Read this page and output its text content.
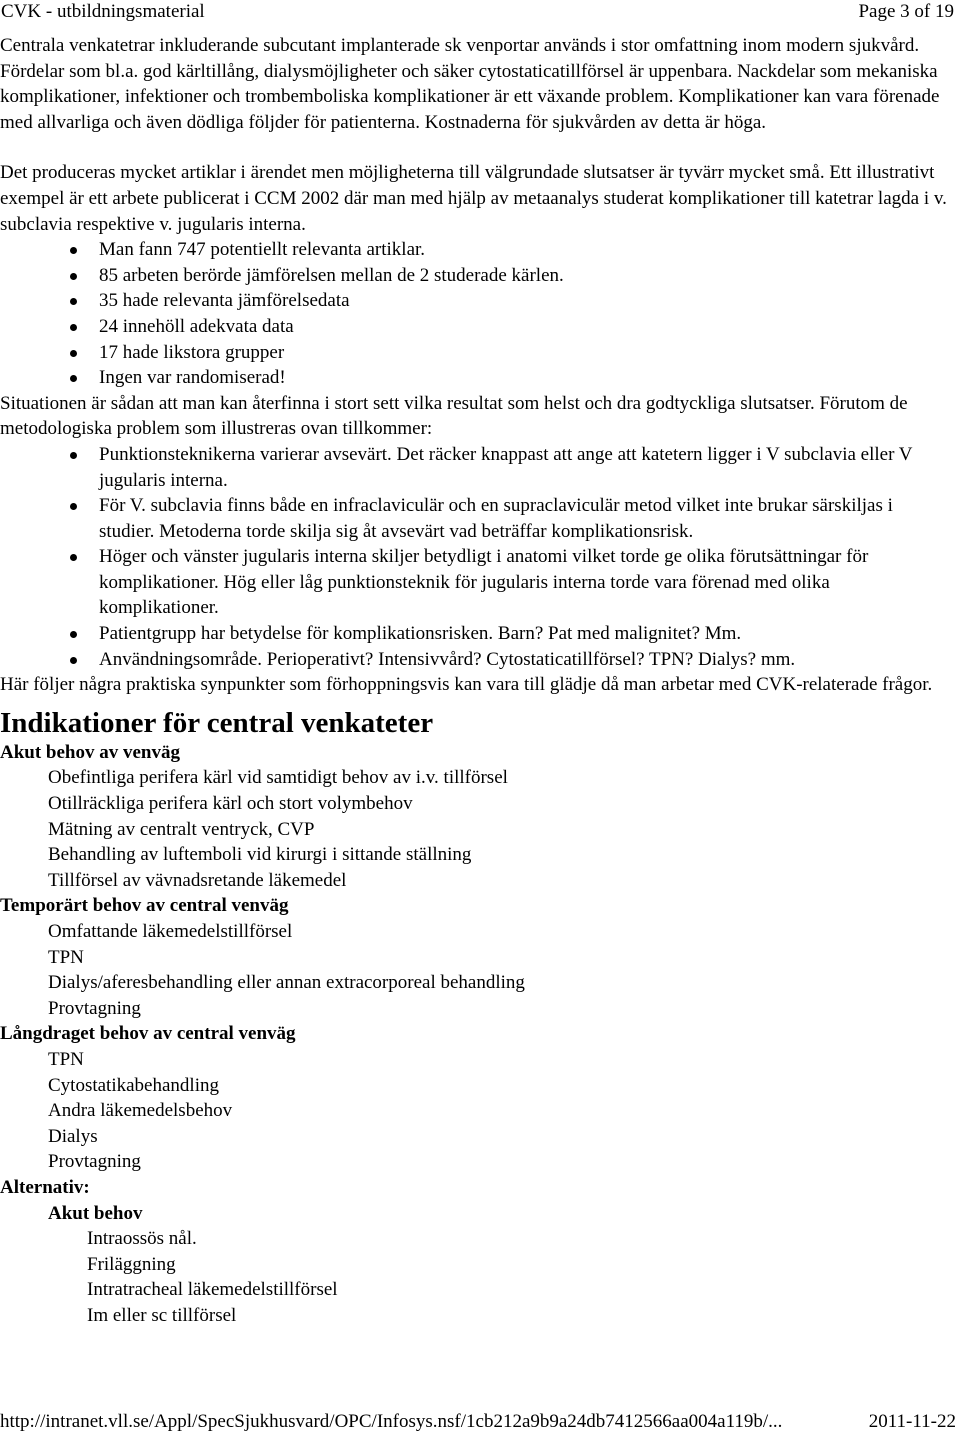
CVK - utbildningsmaterial	Page 3 of 19

Centrala venkatetrar inkluderande subcutant implanterade sk venportar används i stor omfattning inom modern sjukvård. Fördelar som bl.a. god kärltillång, dialysmöjligheter och säker cytostaticatillförsel är uppenbara. Nackdelar som mekaniska komplikationer, infektioner och trombemboliska komplikationer är ett växande problem. Komplikationer kan vara förenade med allvarliga och även dödliga följder för patienterna. Kostnaderna för sjukvården av detta är höga.

Det produceras mycket artiklar i ärendet men möjligheterna till välgrundade slutsatser är tyvärr mycket små. Ett illustrativt exempel är ett arbete publicerat i CCM 2002 där man med hjälp av metaanalys studerat komplikationer till katetrar lagda i v. subclavia respektive v. jugularis interna.

Man fann 747 potentiellt relevanta artiklar.
85 arbeten berörde jämförelsen mellan de 2 studerade kärlen.
35 hade relevanta jämförelsedata
24 innehöll adekvata data
17 hade likstora grupper
Ingen var randomiserad!

Situationen är sådan att man kan återfinna i stort sett vilka resultat som helst och dra godtyckliga slutsatser. Förutom de metodologiska problem som illustreras ovan tillkommer:

Punktionsteknikerna varierar avsevärt. Det räcker knappast att ange att katetern ligger i V subclavia eller V jugularis interna.
För V. subclavia finns både en infraclaviculär och en supraclaviculär metod vilket inte brukar särskiljas i studier. Metoderna torde skilja sig åt avsevärt vad beträffar komplikationsrisk.
Höger och vänster jugularis interna skiljer betydligt i anatomi vilket torde ge olika förutsättningar för komplikationer. Hög eller låg punktionsteknik för jugularis interna torde vara förenad med olika komplikationer.
Patientgrupp har betydelse för komplikationsrisken. Barn? Pat med malignitet? Mm.
Användningsområde. Perioperativt? Intensivvård? Cytostaticatillförsel? TPN? Dialys? mm.

Här följer några praktiska synpunkter som förhoppningsvis kan vara till glädje då man arbetar med CVK-relaterade frågor.

Indikationer för central venkateter
Akut behov av venväg
Obefintliga perifera kärl vid samtidigt behov av i.v. tillförsel
Otillräckliga perifera kärl och stort volymbehov
Mätning av centralt ventryck, CVP
Behandling av luftemboli vid kirurgi i sittande ställning
Tillförsel av vävnadsretande läkemedel
Temporärt behov av central venväg
Omfattande läkemedelstillförsel
TPN
Dialys/aferesbehandling eller annan extracorporeal behandling
Provtagning
Långdraget behov av central venväg
TPN
Cytostatikabehandling
Andra läkemedelsbehov
Dialys
Provtagning
Alternativ:
Akut behov
Intraossös nål.
Friläggning
Intratracheal läkemedelstillförsel
Im eller sc tillförsel
http://intranet.vll.se/Appl/SpecSjukhusvard/OPC/Infosys.nsf/1cb212a9b9a24db7412566aa004a119b/...	2011-11-22
